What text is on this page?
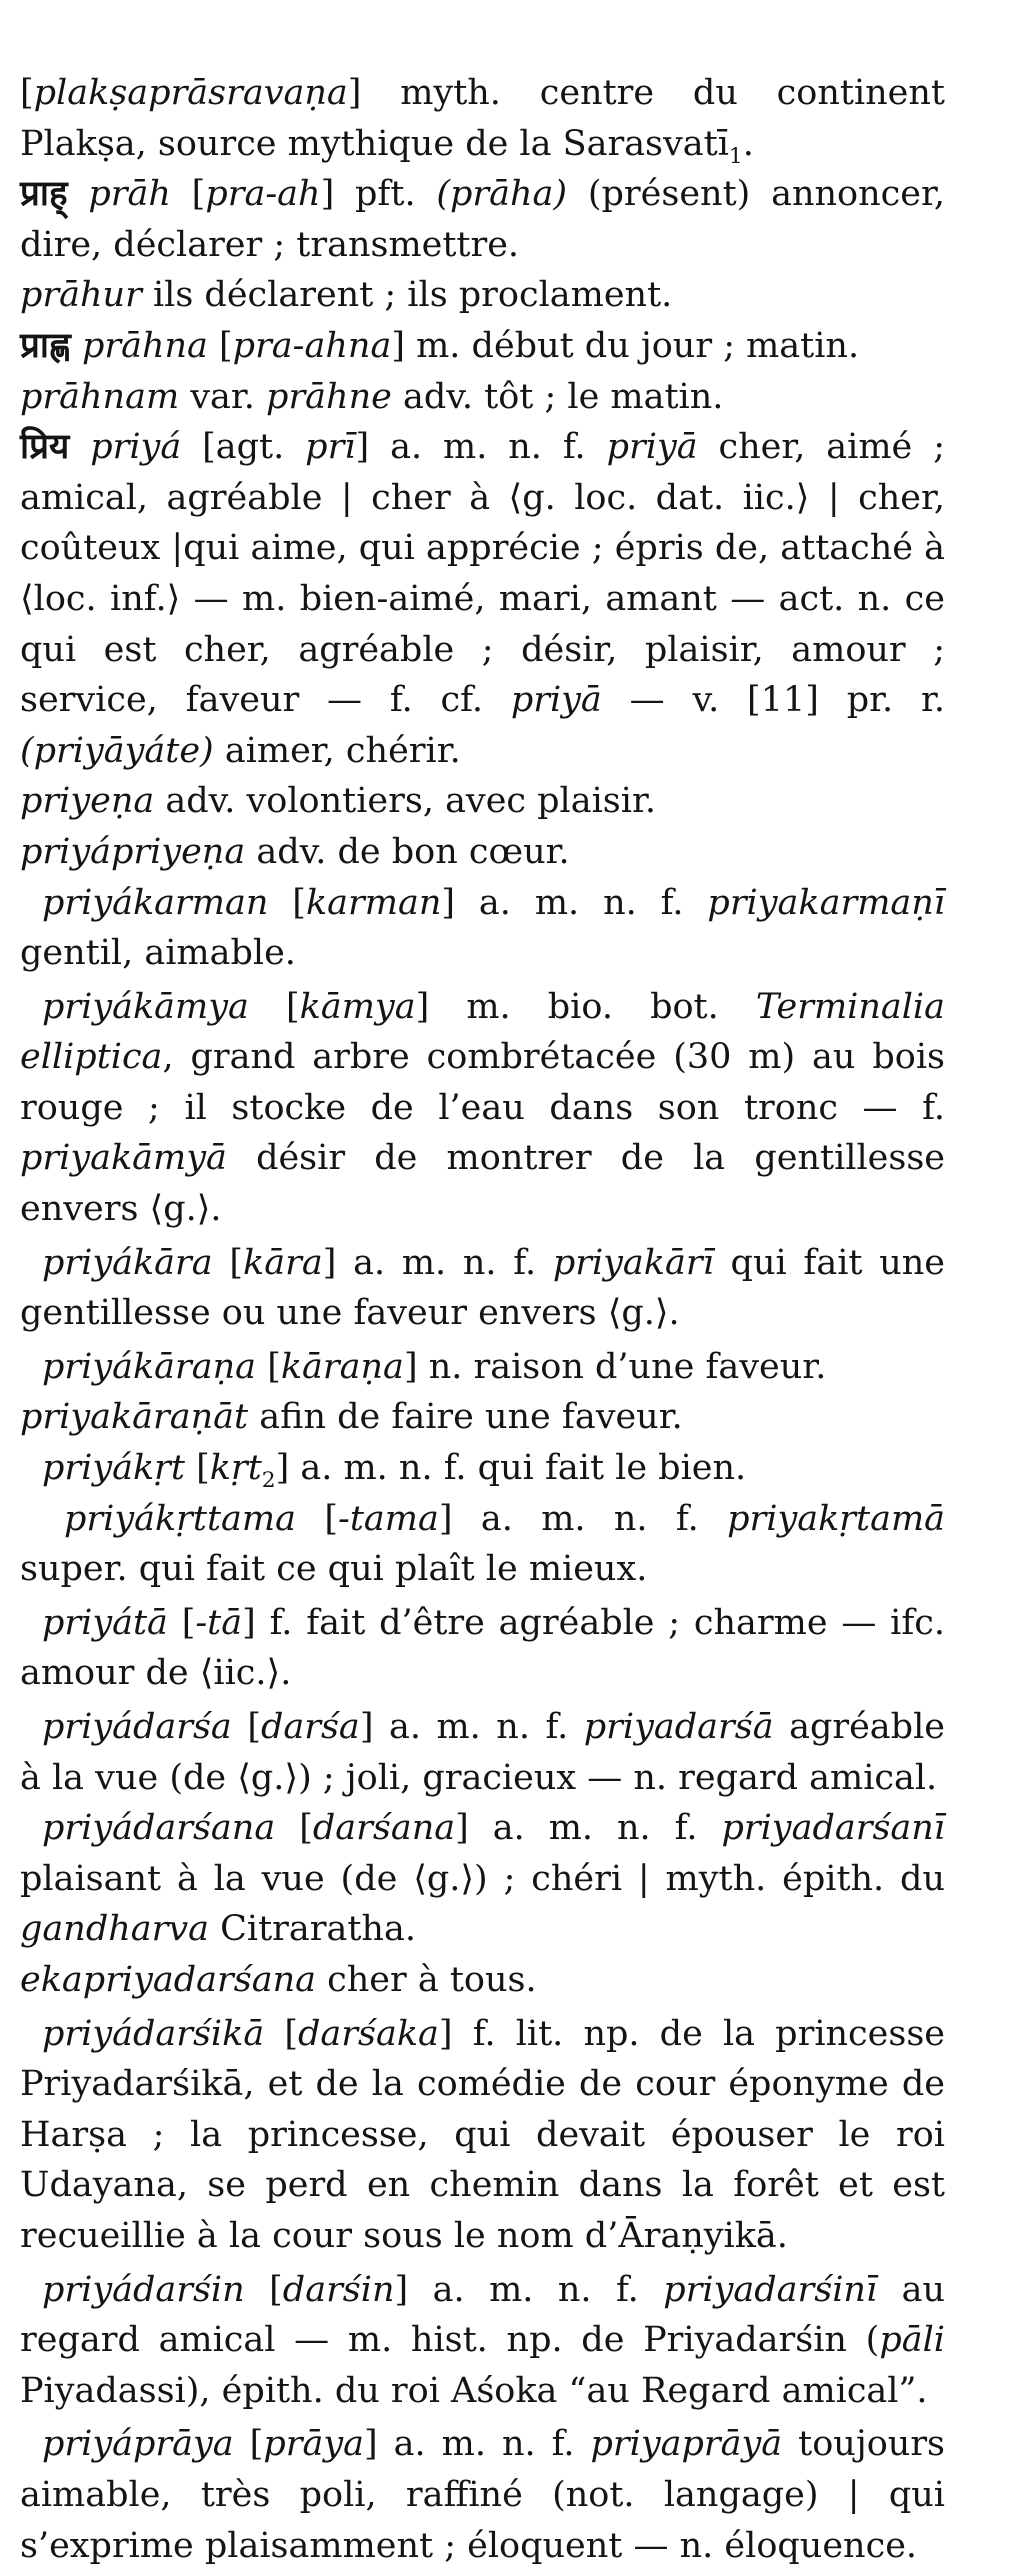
[plakṣaprāsravaṇa] myth. centre du continent Plakṣa, source mythique de la Sarasvatī$_1$.

प्राह् prāh [pra-ah] pft. (prāha) (présent) annoncer, dire, déclarer ; transmettre.

prāhur ils déclarent ; ils proclament.

प्राह्ण prāhna [pra-ahna] m. début du jour ; matin.

prāhnam var. prāhne adv. tôt ; le matin.

प्रिय priyá [agt. prī] a. m. n. f. priyā cher, aimé ; amical, agréable | cher à ⟨g. loc. dat. iic.⟩ | cher, coûteux |qui aime, qui apprécie ; épris de, attaché à ⟨loc. inf.⟩ — m. bien-aimé, mari, amant — act. n. ce qui est cher, agréable ; désir, plaisir, amour ; service, faveur — f. cf. priyā — v. [11] pr. r. (priyāyáte) aimer, chérir.

priyeṇa adv. volontiers, avec plaisir.

priyápriyeṇa adv. de bon cœur.

priyákarman [karman] a. m. n. f. priyakarmaṇī gentil, aimable.

priyákāmya [kāmya] m. bio. bot. Terminalia elliptica, grand arbre combrétacée (30 m) au bois rouge ; il stocke de l’eau dans son tronc — f. priyakāmyā désir de montrer de la gentillesse envers ⟨g.⟩.

priyákāra [kāra] a. m. n. f. priyakārī qui fait une gentillesse ou une faveur envers ⟨g.⟩.

priyákāraṇa [kāraṇa] n. raison d’une faveur.

priyakāraṇāt afin de faire une faveur.

priyákṛt [kṛt$_2$] a. m. n. f. qui fait le bien.

priyákṛttama [-tama] a. m. n. f. priyakṛtamā super. qui fait ce qui plaît le mieux.

priyátā [-tā] f. fait d’être agréable ; charme — ifc. amour de ⟨iic.⟩.

priyádarśa [darśa] a. m. n. f. priyadarśā agréable à la vue (de ⟨g.⟩) ; joli, gracieux — n. regard amical.

priyádarśana [darśana] a. m. n. f. priyadarśanī plaisant à la vue (de ⟨g.⟩) ; chéri | myth. épith. du gandharva Citraratha.

ekapriyadarśana cher à tous.

priyádarśikā [darśaka] f. lit. np. de la princesse Priyadarśikā, et de la comédie de cour éponyme de Harṣa ; la princesse, qui devait épouser le roi Udayana, se perd en chemin dans la forêt et est recueillie à la cour sous le nom d’Āraṇyikā.

priyádarśin [darśin] a. m. n. f. priyadarśinī au regard amical — m. hist. np. de Priyadarśin (pāli Piyadassi), épith. du roi Aśoka “au Regard amical”.

priyáprāya [prāya] a. m. n. f. priyaprāyā toujours aimable, très poli, raffiné (not. langage) | qui s’exprime plaisamment ; éloquent — n. éloquence.
